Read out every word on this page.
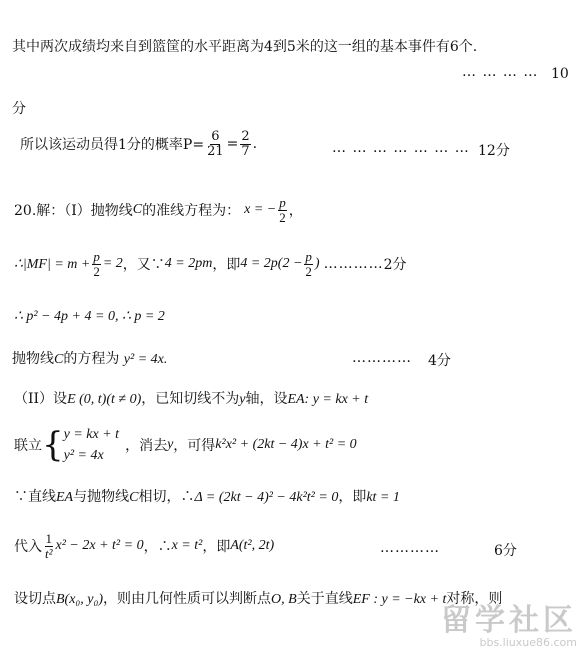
其中两次成绩均来自到篮筐的水平距离为4到5米的这一组的基本事件有6个.
… … … … 10
分
所以该运动员得1分的概率$P= \frac{6}{21} = \frac{2}{7}$ .	… … … … … … … 12分
20.解：（I）抛物线 C 的准线方程为： x = − $\frac{p}{2}$ ，
∴|MF| = $m + \frac{p}{2} = 2$ ，又∵ 4 = 2pm ，即 $4 = 2p(2 - \frac{p}{2}$ ) ………… 2分
∴ p² − 4p + 4 = 0, ∴ p = 2
抛物线C的方程为 y² = 4x.	………… 4分
（II）设E (0, t)(t ≠ 0)，已知切线不为y轴，设EA: y = kx + t
联立 { y = kx + t
y² = 4x
，消去 y ，可得 k²x² + (2kt − 4)x + t² = 0
∵直线EA与抛物线C相切，∴Δ = (2kt − 4)² − 4k²t² = 0，即kt = 1
代入 $\frac{1}{\text{t²}} x^2 - 2x + t^2 = 0$ ，∴ x = t² ，即 A(t², 2t)	…………	6分
设切点B(x₀, y₀)，则由几何性质可以判断点O, B关于直线EF : y = −kx + t对称，则
留学社区
bbs.liuxue86.com
